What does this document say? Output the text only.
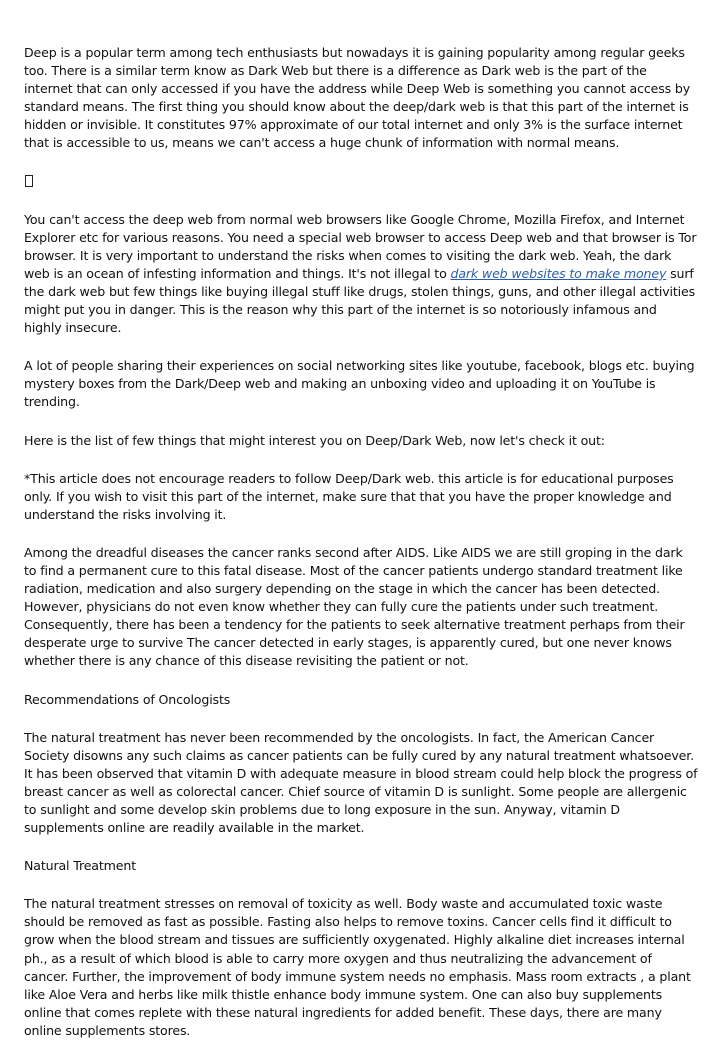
Deep is a popular term among tech enthusiasts but nowadays it is gaining popularity among regular geeks too. There is a similar term know as Dark Web but there is a difference as Dark web is the part of the internet that can only accessed if you have the address while Deep Web is something you cannot access by standard means. The first thing you should know about the deep/dark web is that this part of the internet is hidden or invisible. It constitutes 97% approximate of our total internet and only 3% is the surface internet that is accessible to us, means we can't access a huge chunk of information with normal means.

You can't access the deep web from normal web browsers like Google Chrome, Mozilla Firefox, and Internet Explorer etc for various reasons. You need a special web browser to access Deep web and that browser is Tor browser. It is very important to understand the risks when comes to visiting the dark web. Yeah, the dark web is an ocean of infesting information and things. It's not illegal to dark web websites to make money surf the dark web but few things like buying illegal stuff like drugs, stolen things, guns, and other illegal activities might put you in danger. This is the reason why this part of the internet is so notoriously infamous and highly insecure.

A lot of people sharing their experiences on social networking sites like youtube, facebook, blogs etc. buying mystery boxes from the Dark/Deep web and making an unboxing video and uploading it on YouTube is trending.

Here is the list of few things that might interest you on Deep/Dark Web, now let's check it out:

*This article does not encourage readers to follow Deep/Dark web. this article is for educational purposes only. If you wish to visit this part of the internet, make sure that that you have the proper knowledge and understand the risks involving it.

Among the dreadful diseases the cancer ranks second after AIDS. Like AIDS we are still groping in the dark to find a permanent cure to this fatal disease. Most of the cancer patients undergo standard treatment like radiation, medication and also surgery depending on the stage in which the cancer has been detected. However, physicians do not even know whether they can fully cure the patients under such treatment. Consequently, there has been a tendency for the patients to seek alternative treatment perhaps from their desperate urge to survive The cancer detected in early stages, is apparently cured, but one never knows whether there is any chance of this disease revisiting the patient or not.

Recommendations of Oncologists

The natural treatment has never been recommended by the oncologists. In fact, the American Cancer Society disowns any such claims as cancer patients can be fully cured by any natural treatment whatsoever. It has been observed that vitamin D with adequate measure in blood stream could help block the progress of breast cancer as well as colorectal cancer. Chief source of vitamin D is sunlight. Some people are allergenic to sunlight and some develop skin problems due to long exposure in the sun. Anyway, vitamin D supplements online are readily available in the market.

Natural Treatment

The natural treatment stresses on removal of toxicity as well. Body waste and accumulated toxic waste should be removed as fast as possible. Fasting also helps to remove toxins. Cancer cells find it difficult to grow when the blood stream and tissues are sufficiently oxygenated. Highly alkaline diet increases internal ph., as a result of which blood is able to carry more oxygen and thus neutralizing the advancement of cancer. Further, the improvement of body immune system needs no emphasis. Mass room extracts , a plant like Aloe Vera and herbs like milk thistle enhance body immune system. One can also buy supplements online that comes replete with these natural ingredients for added benefit. These days, there are many online supplements stores.
